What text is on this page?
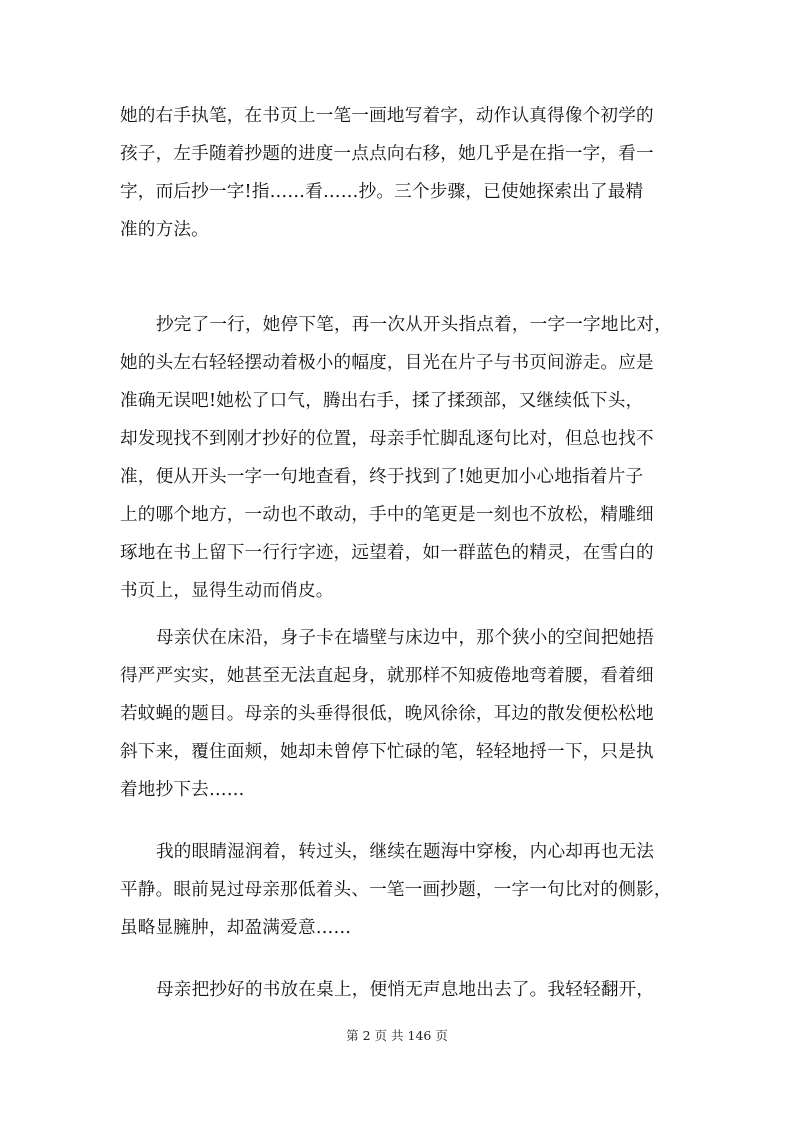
她的右手执笔，在书页上一笔一画地写着字，动作认真得像个初学的
孩子，左手随着抄题的进度一点点向右移，她几乎是在指一字，看一
字，而后抄一字!指……看……抄。三个步骤，已使她探索出了最精
准的方法。
抄完了一行，她停下笔，再一次从开头指点着，一字一字地比对，
她的头左右轻轻摆动着极小的幅度，目光在片子与书页间游走。应是
准确无误吧!她松了口气，腾出右手，揉了揉颈部，又继续低下头，
却发现找不到刚才抄好的位置，母亲手忙脚乱逐句比对，但总也找不
准，便从开头一字一句地查看，终于找到了!她更加小心地指着片子
上的哪个地方，一动也不敢动，手中的笔更是一刻也不放松，精雕细
琢地在书上留下一行行字迹，远望着，如一群蓝色的精灵，在雪白的
书页上，显得生动而俏皮。
母亲伏在床沿，身子卡在墙壁与床边中，那个狭小的空间把她捂
得严严实实，她甚至无法直起身，就那样不知疲倦地弯着腰，看着细
若蚊蝇的题目。母亲的头垂得很低，晚风徐徐，耳边的散发便松松地
斜下来，覆住面颊，她却未曾停下忙碌的笔，轻轻地捋一下，只是执
着地抄下去……
我的眼睛湿润着，转过头，继续在题海中穿梭，内心却再也无法
平静。眼前晃过母亲那低着头、一笔一画抄题，一字一句比对的侧影，
虽略显臃肿，却盈满爱意……
母亲把抄好的书放在桌上，便悄无声息地出去了。我轻轻翻开，
第 2 页 共 146 页
